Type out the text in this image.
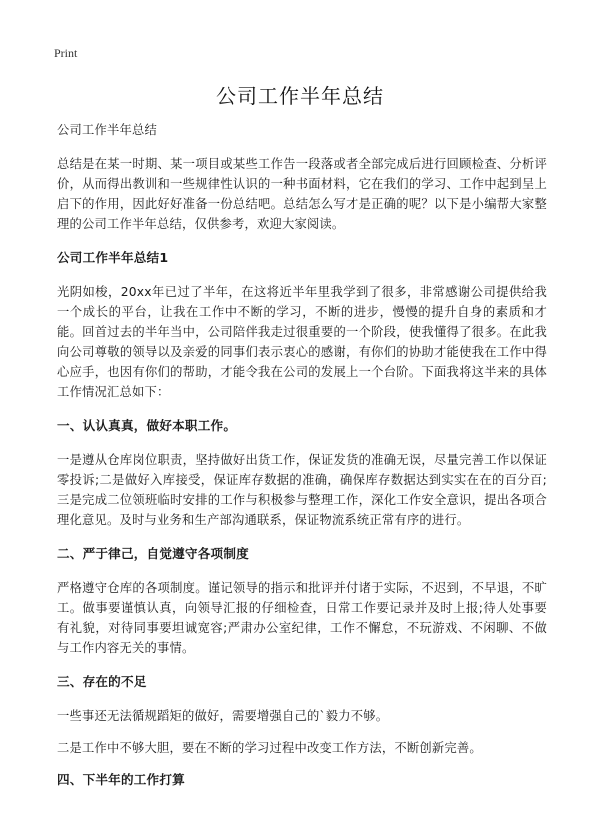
Print
公司工作半年总结

公司工作半年总结

总结是在某一时期、某一项目或某些工作告一段落或者全部完成后进行回顾检查、分析评价，从而得出教训和一些规律性认识的一种书面材料，它在我们的学习、工作中起到呈上启下的作用，因此好好准备一份总结吧。总结怎么写才是正确的呢？以下是小编帮大家整理的公司工作半年总结，仅供参考，欢迎大家阅读。

公司工作半年总结1

光阴如梭，20xx年已过了半年，在这将近半年里我学到了很多，非常感谢公司提供给我一个成长的平台，让我在工作中不断的学习，不断的进步，慢慢的提升自身的素质和才能。回首过去的半年当中，公司陪伴我走过很重要的一个阶段，使我懂得了很多。在此我向公司尊敬的领导以及亲爱的同事们表示衷心的感谢，有你们的协助才能使我在工作中得心应手，也因有你们的帮助，才能令我在公司的发展上一个台阶。下面我将这半来的具体工作情况汇总如下：

一、认认真真，做好本职工作。

一是遵从仓库岗位职责，坚持做好出货工作，保证发货的准确无误，尽量完善工作以保证零投诉;二是做好入库接受，保证库存数据的准确，确保库存数据达到实实在在的百分百;三是完成二位领班临时安排的工作与积极参与整理工作，深化工作安全意识，提出各项合理化意见。及时与业务和生产部沟通联系，保证物流系统正常有序的进行。

二、严于律己，自觉遵守各项制度

严格遵守仓库的各项制度。谨记领导的指示和批评并付诸于实际，不迟到，不早退，不旷工。做事要谨慎认真，向领导汇报的仔细检查，日常工作要记录并及时上报;待人处事要有礼貌，对待同事要坦诚宽容;严肃办公室纪律，工作不懈怠，不玩游戏、不闲聊、不做与工作内容无关的事情。

三、存在的不足

一些事还无法循规蹈矩的做好，需要增强自己的`毅力不够。

二是工作中不够大胆，要在不断的学习过程中改变工作方法，不断创新完善。

四、下半年的工作打算
